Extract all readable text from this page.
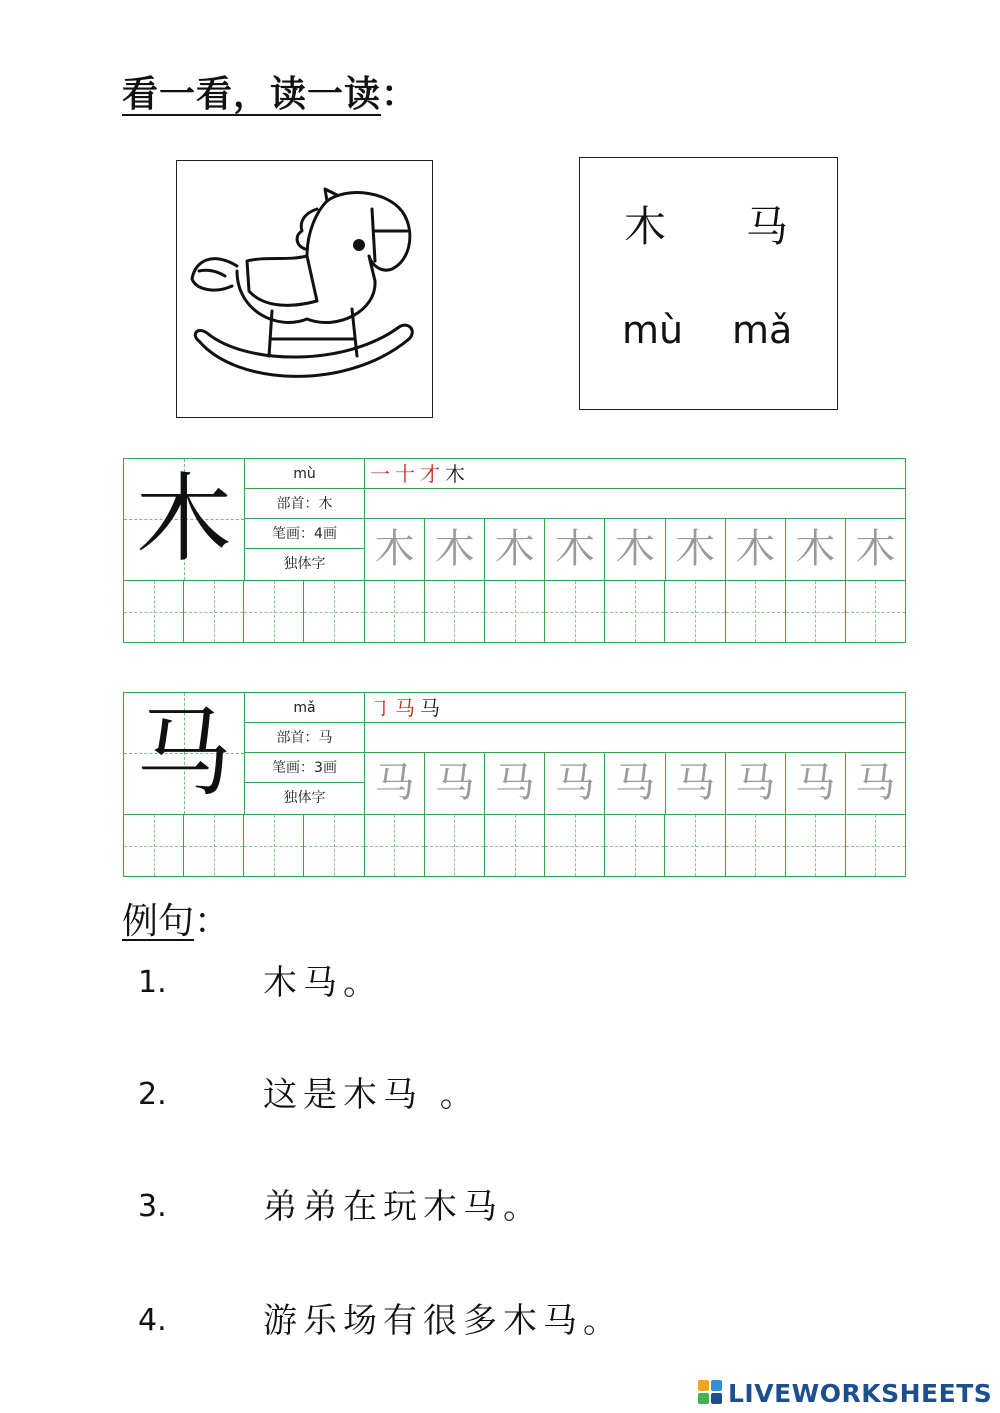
看一看，读一读：
木 马
mù mǎ
木	mù
部首：木
笔画：4画
独体字
一 十 才 木
木 木 木 木 木 木 木 木 木
马	mǎ
部首：马
笔画：3画
独体字
㇆ 马 马
马 马 马 马 马 马 马 马 马
例句：
1.	木马。
2.	这是木马 。
3.	弟弟在玩木马。
4.	游乐场有很多木马。
LIVEWORKSHEETS
